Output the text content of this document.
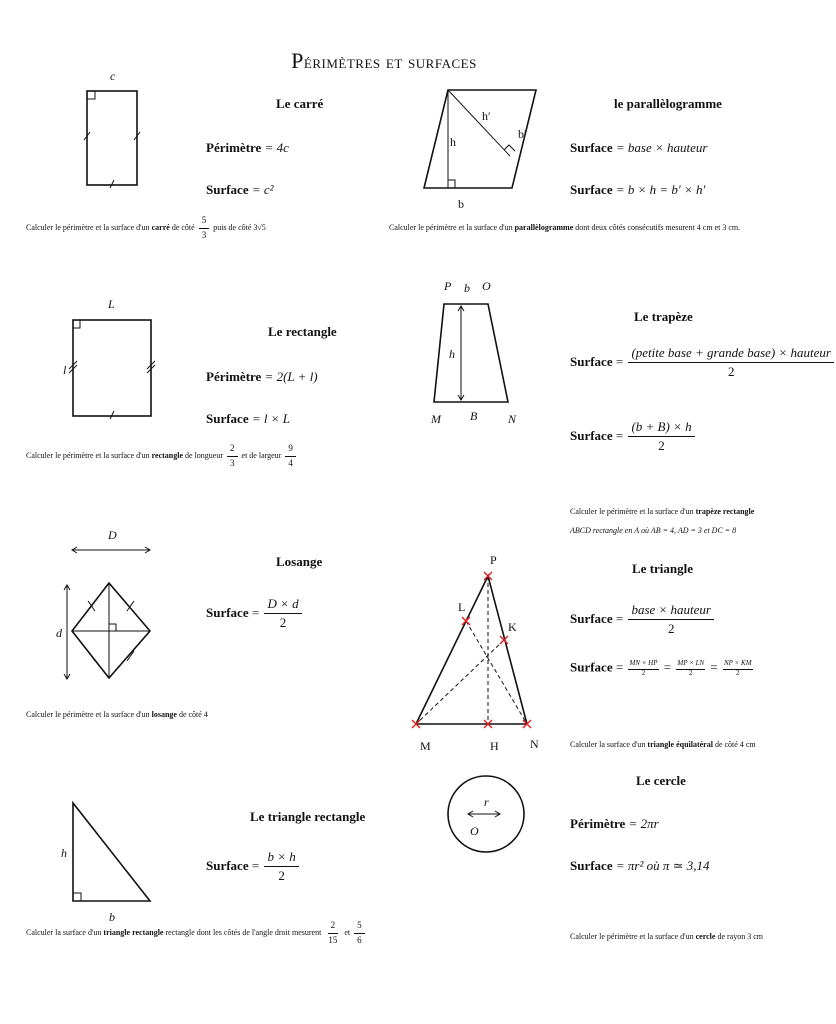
Périmètres et surfaces
c
Le carré
Périmètre = 4c
Surface = c²
Calculer le périmètre et la surface d'un carré de côté $\frac{5}{3}$ puis de côté 3√5
h
h′
b′
b
le parallèlogramme
Surface = base × hauteur
Surface = b × h = b′ × h′
Calculer le périmètre et la surface d'un parallèlogramme dont deux côtés consécutifs mesurent 4 cm et 3 cm.
L
l
Le rectangle
Périmètre = 2(L + l)
Surface = l × L
Calculer le périmètre et la surface d'un rectangle de longueur $\frac{2}{3}$ et de largeur $\frac{9}{4}$
P b O
h
M B	N
Le trapèze
Surface = $\frac{\text{(petite base + grande base) × hauteur}}{2}$
Surface = $\frac{(b + B) \times h}{2}$
Calculer le périmètre et la surface d'un trapèze rectangle
ABCD rectangle en A où AB = 4, AD = 3 et DC = 8
D
d
Losange
Surface = $\frac{D \times d}{2}$
Calculer le périmètre et la surface d'un losange de côté 4
P
L
K
M	H	N
Le triangle
Surface = $\frac{\text{base × hauteur}}{2}$
Surface = $\frac{MN \times HP}{2} = \frac{MP \times LN}{2} = \frac{NP \times KM}{2}$
Calculer la surface d'un triangle équilatéral de côté 4 cm
r
O
Le cercle
Périmètre = 2πr
Surface = πr² où π ≃ 3,14
Calculer le périmètre et la surface d'un cercle de rayon 3 cm
h
b
Le triangle rectangle
Surface = $\frac{b \times h}{2}$
Calculer la surface d'un triangle rectangle rectangle dont les côtés de l'angle droit mesurent $\frac{2}{15}$ et $\frac{5}{6}$
